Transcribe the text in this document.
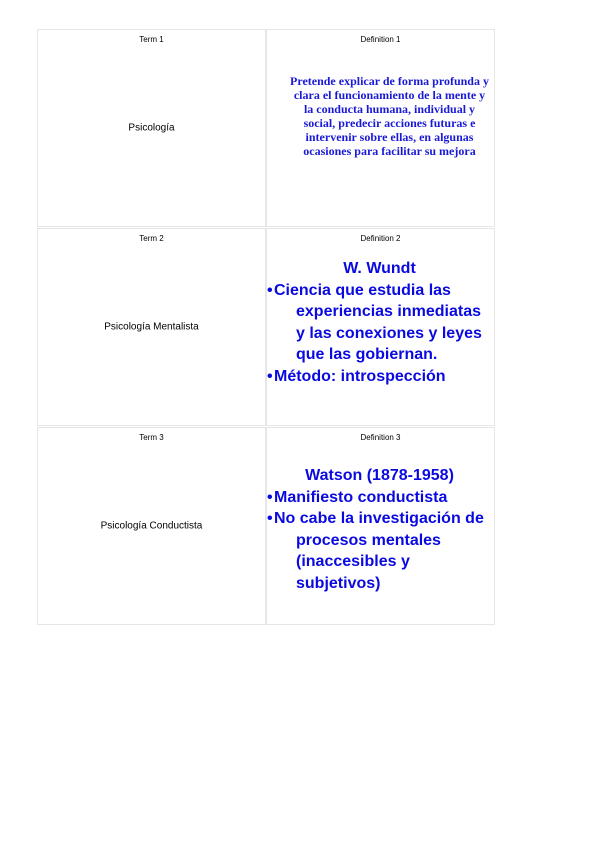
Term 1
Psicología
Definition 1
Pretende explicar de forma profunda y clara el funcionamiento de la mente y la conducta humana, individual y social, predecir acciones futuras e intervenir sobre ellas, en algunas ocasiones para facilitar su mejora
Term 2
Psicología Mentalista
Definition 2
W. Wundt
•Ciencia que estudia las experiencias inmediatas y las conexiones y leyes que las gobiernan.
•Método: introspección
Term 3
Psicología Conductista
Definition 3
Watson (1878-1958)
•Manifiesto conductista
•No cabe la investigación de procesos mentales (inaccesibles y subjetivos)
